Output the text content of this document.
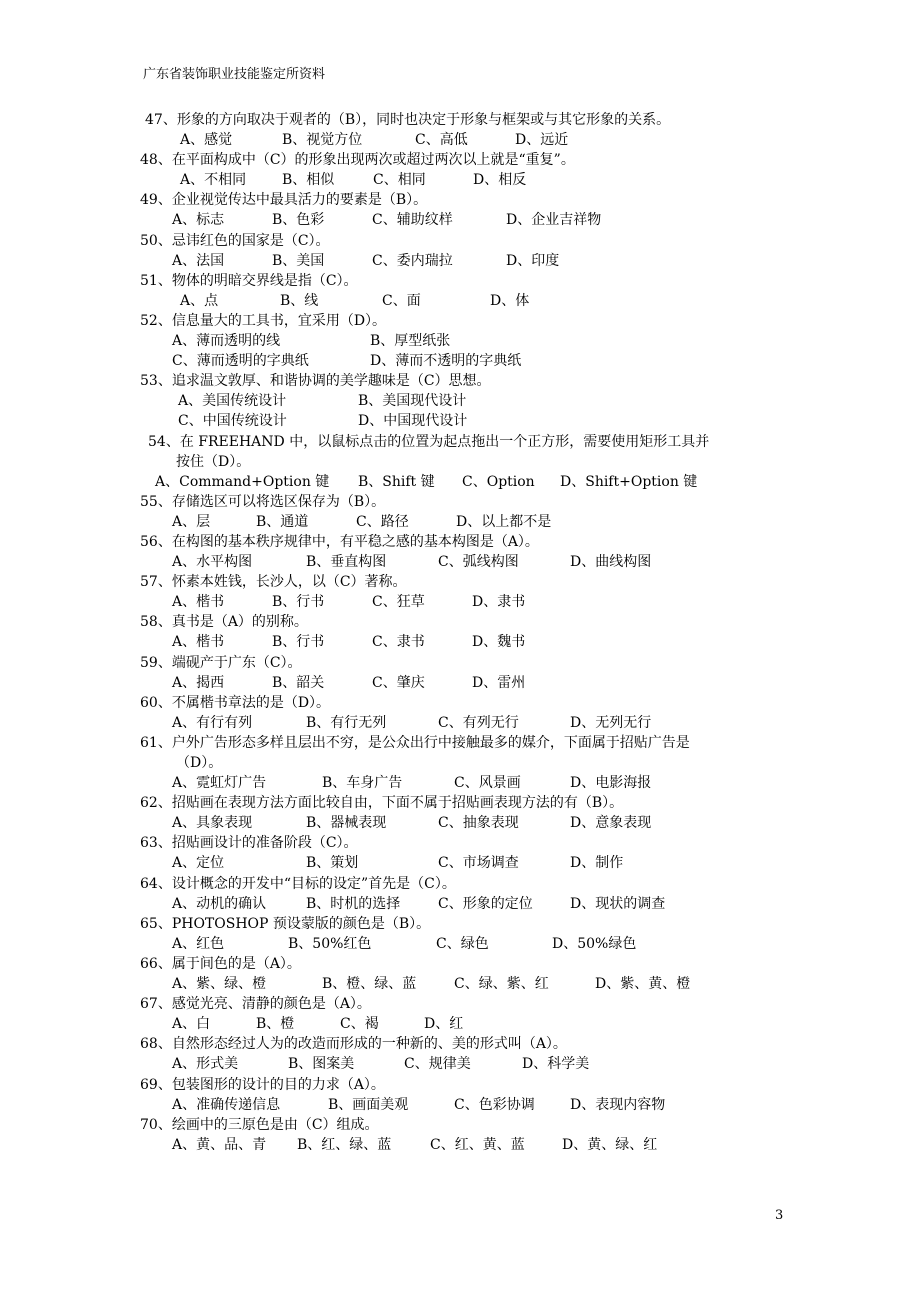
广东省装饰职业技能鉴定所资料
47、形象的方向取决于观者的（B），同时也决定于形象与框架或与其它形象的关系。
A、感觉	B、视觉方位	C、高低	D、远近
48、在平面构成中（C）的形象出现两次或超过两次以上就是“重复”。
A、不相同	B、相似	C、相同	D、相反
49、企业视觉传达中最具活力的要素是（B）。
A、标志	B、色彩	C、辅助纹样	D、企业吉祥物
50、忌讳红色的国家是（C）。
A、法国	B、美国	C、委内瑞拉	D、印度
51、物体的明暗交界线是指（C）。
A、点	B、线	C、面	D、体
52、信息量大的工具书，宜采用（D）。
A、薄而透明的线	B、厚型纸张
C、薄而透明的字典纸	D、薄而不透明的字典纸
53、追求温文敦厚、和谐协调的美学趣味是（C）思想。
A、美国传统设计	B、美国现代设计
C、中国传统设计	D、中国现代设计
54、在 FREEHAND 中，以鼠标点击的位置为起点拖出一个正方形，需要使用矩形工具并
按住（D）。
A、Command+Option 键 B、Shift 键 C、Option D、Shift+Option 键
55、存储选区可以将选区保存为（B）。
A、层	B、通道	C、路径	D、以上都不是
56、在构图的基本秩序规律中，有平稳之感的基本构图是（A）。
A、水平构图	B、垂直构图	C、弧线构图	D、曲线构图
57、怀素本姓钱，长沙人，以（C）著称。
A、楷书	B、行书	C、狂草	D、隶书
58、真书是（A）的别称。
A、楷书	B、行书	C、隶书	D、魏书
59、端砚产于广东（C）。
A、揭西	B、韶关	C、肇庆	D、雷州
60、不属楷书章法的是（D）。
A、有行有列	B、有行无列	C、有列无行	D、无列无行
61、户外广告形态多样且层出不穷，是公众出行中接触最多的媒介，下面属于招贴广告是
（D）。
A、霓虹灯广告	B、车身广告	C、风景画	D、电影海报
62、招贴画在表现方法方面比较自由，下面不属于招贴画表现方法的有（B）。
A、具象表现	B、器械表现	C、抽象表现	D、意象表现
63、招贴画设计的准备阶段（C）。
A、定位	B、策划	C、市场调查	D、制作
64、设计概念的开发中“目标的设定”首先是（C）。
A、动机的确认	B、时机的选择	C、形象的定位	D、现状的调查
65、PHOTOSHOP 预设蒙版的颜色是（B）。
A、红色	B、50%红色	C、绿色	D、50%绿色
66、属于间色的是（A）。
A、紫、绿、橙	B、橙、绿、蓝	C、绿、紫、红	D、紫、黄、橙
67、感觉光亮、清静的颜色是（A）。
A、白	B、橙	C、褐	D、红
68、自然形态经过人为的改造而形成的一种新的、美的形式叫（A）。
A、形式美	B、图案美	C、规律美	D、科学美
69、包装图形的设计的目的力求（A）。
A、准确传递信息	B、画面美观	C、色彩协调	D、表现内容物
70、绘画中的三原色是由（C）组成。
A、黄、品、青 B、红、绿、蓝	C、红、黄、蓝	D、黄、绿、红
3
